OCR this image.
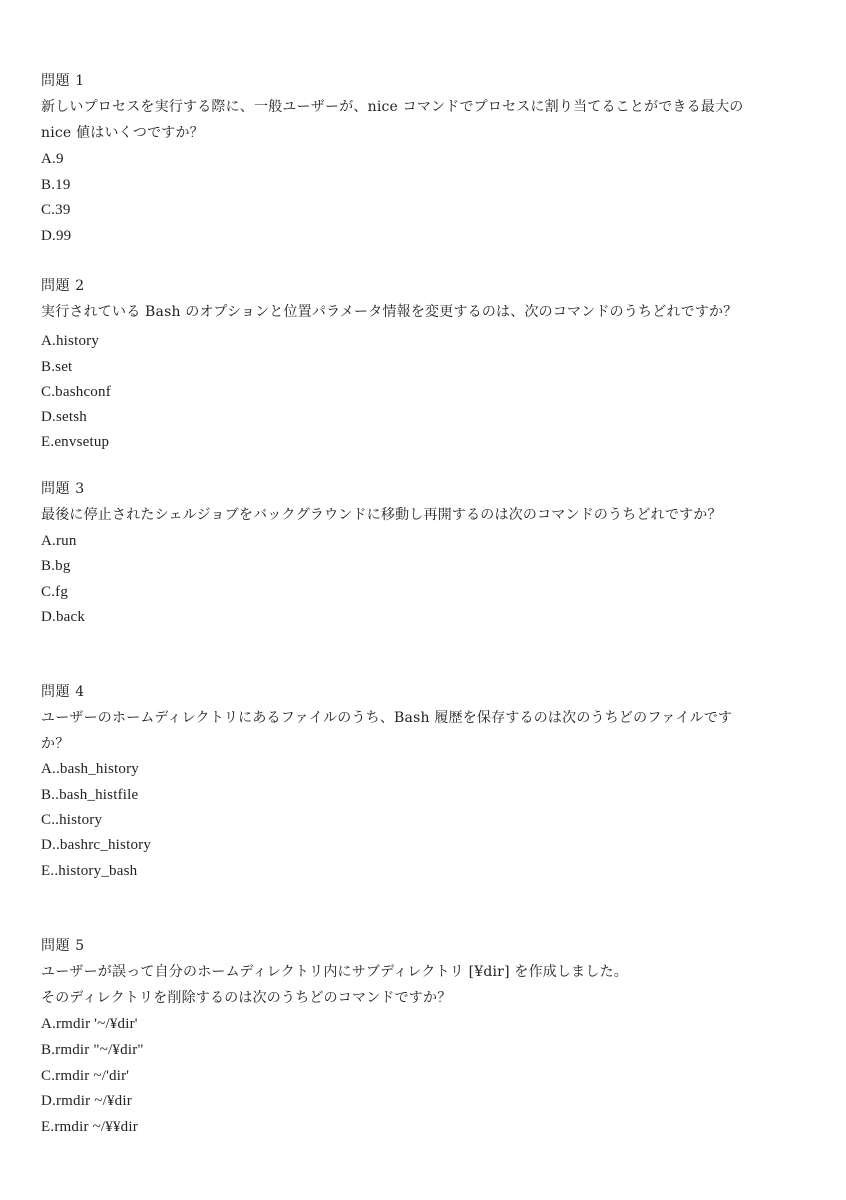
問題 1
新しいプロセスを実行する際に、一般ユーザーが、nice コマンドでプロセスに割り当てることができる最大の
nice 値はいくつですか？
A.9
B.19
C.39
D.99
問題 2
実行されている Bash のオプションと位置パラメータ情報を変更するのは、次のコマンドのうちどれですか？
A.history
B.set
C.bashconf
D.setsh
E.envsetup
問題 3
最後に停止されたシェルジョブをバックグラウンドに移動し再開するのは次のコマンドのうちどれですか？
A.run
B.bg
C.fg
D.back
問題 4
ユーザーのホームディレクトリにあるファイルのうち、Bash 履歴を保存するのは次のうちどのファイルです
か？
A..bash_history
B..bash_histfile
C..history
D..bashrc_history
E..history_bash
問題 5
ユーザーが誤って自分のホームディレクトリ内にサブディレクトリ [¥dir] を作成しました。
そのディレクトリを削除するのは次のうちどのコマンドですか？
A.rmdir '~/¥dir'
B.rmdir "~/¥dir"
C.rmdir ~/'dir'
D.rmdir ~/¥dir
E.rmdir ~/¥¥dir
